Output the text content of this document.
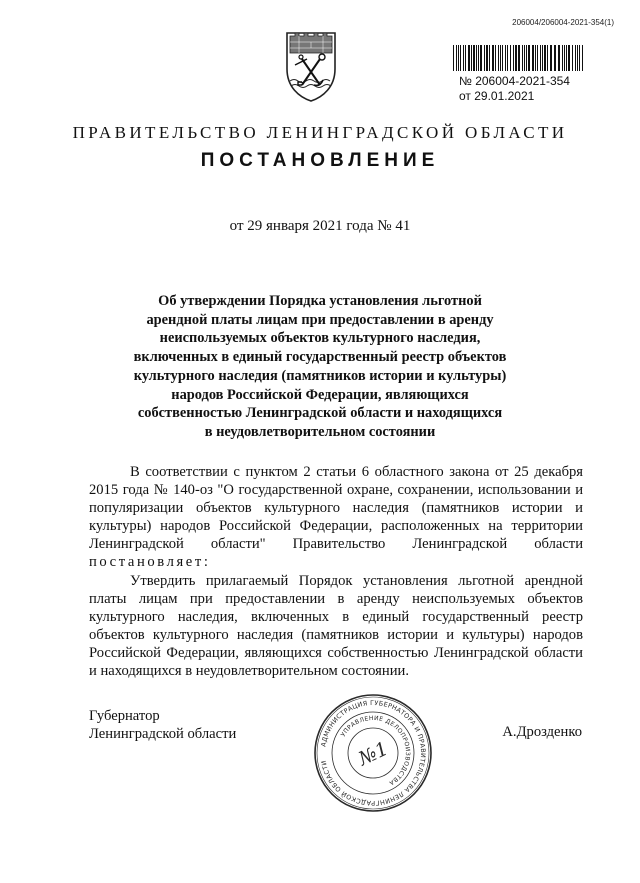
206004/206004-2021-354(1)
№ 206004-2021-354
от 29.01.2021
ПРАВИТЕЛЬСТВО ЛЕНИНГРАДСКОЙ ОБЛАСТИ
ПОСТАНОВЛЕНИЕ
от 29 января 2021 года № 41
Об утверждении Порядка установления льготной
арендной платы лицам при предоставлении в аренду
неиспользуемых объектов культурного наследия,
включенных в единый государственный реестр объектов
культурного наследия (памятников истории и культуры)
народов Российской Федерации, являющихся
собственностью Ленинградской области и находящихся
в неудовлетворительном состоянии

В соответствии с пунктом 2 статьи 6 областного закона от 25 декабря 2015 года № 140-оз "О государственной охране, сохранении, использовании и популяризации объектов культурного наследия (памятников истории и культуры) народов Российской Федерации, расположенных на территории Ленинградской области" Правительство Ленинградской области постановляет:

Утвердить прилагаемый Порядок установления льготной арендной платы лицам при предоставлении в аренду неиспользуемых объектов культурного наследия, включенных в единый государственный реестр объектов культурного наследия (памятников истории и культуры) народов Российской Федерации, являющихся собственностью Ленинградской области и находящихся в неудовлетворительном состоянии.

Губернатор
Ленинградской области	А.Дрозденко
АДМИНИСТРАЦИЯ ГУБЕРНАТОРА И ПРАВИТЕЛЬСТВА ЛЕНИНГРАДСКОЙ ОБЛАСТИ
УПРАВЛЕНИЕ ДЕЛОПРОИЗВОДСТВА
№1
